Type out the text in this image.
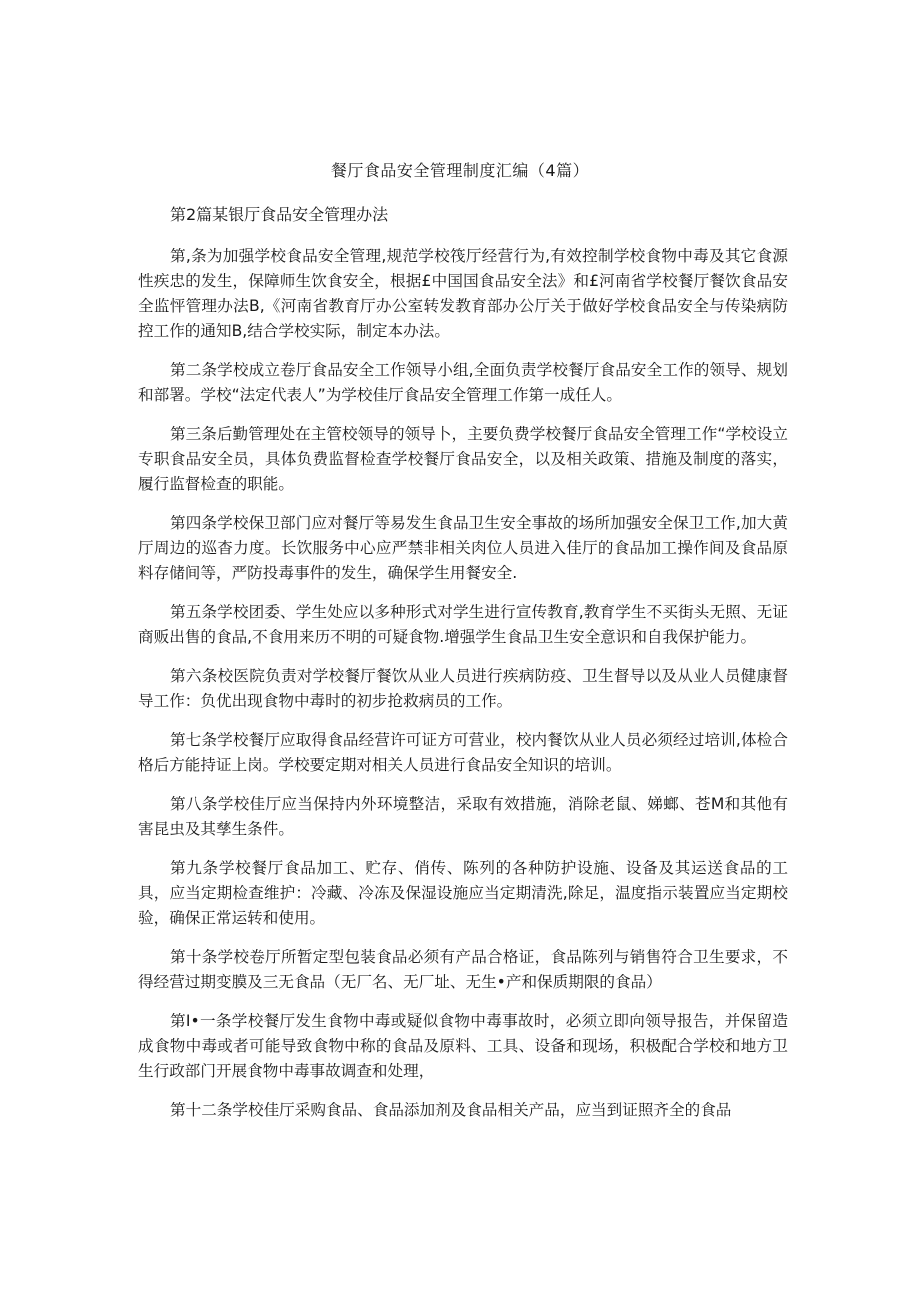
餐厅食品安全管理制度汇编（4篇）
第2篇某银厅食品安全管理办法

第,条为加强学校食品安全管理,规范学校筏厅经营行为,有效控制学校食物中毒及其它食源性疾忠的发生，保障师生饮食安全，根据£中国国食品安全法》和£河南省学校餐厅餐饮食品安全监怦管理办法B,《河南省教育厅办公室转发教育部办公厅关于做好学校食品安全与传染病防控工作的通知B,结合学校实际，制定本办法。

第二条学校成立卷厅食品安全工作领导小组,全面负责学校餐厅食品安全工作的领导、规划和部署。学校“法定代表人”为学校佳厅食品安全管理工作第一成任人。

第三条后勤管理处在主管校领导的领导卜，主要负费学校餐厅食品安全管理工作“学校设立专职食品安全员，具体负费监督检查学校餐厅食品安全，以及相关政策、措施及制度的落实，履行监督检查的职能。

第四条学校保卫部门应对餐厅等易发生食品卫生安全事故的场所加强安全保卫工作,加大黄厅周边的巡杳力度。长饮服务中心应严禁非相关肉位人员进入佳厅的食品加工操作间及食品原料存储间等，严防投毒事件的发生，确保学生用餐安全.

第五条学校团委、学生处应以多种形式对学生进行宣传教育,教育学生不买街头无照、无证商贩出售的食品,不食用来历不明的可疑食物.增强学生食品卫生安全意识和自我保护能力。

第六条校医院负责对学校餐厅餐饮从业人员进行疾病防疫、卫生督导以及从业人员健康督导工作：负优出现食物中毒时的初步抢救病员的工作。

第七条学校餐厅应取得食品经营许可证方可营业，校内餐饮从业人员必须经过培训,体检合格后方能持证上岗。学校要定期对相关人员进行食品安全知识的培训。

第八条学校佳厅应当保持内外环境整洁，采取有效措施，消除老鼠、娣螂、苍M和其他有害昆虫及其孳生条件。

第九条学校餐厅食品加工、贮存、俏传、陈列的各种防护设施、设备及其运送食品的工具，应当定期检查维护：冷藏、冷冻及保湿设施应当定期清洗,除足，温度指示装置应当定期校验，确保正常运转和使用。

第十条学校卷厅所暂定型包装食品必须有产品合格证，食品陈列与销售符合卫生要求，不得经营过期变膜及三无食品（无厂名、无厂址、无生•产和保质期限的食品）

第I•一条学校餐厅发生食物中毒或疑似食物中毒事故时，必须立即向领导报告，并保留造成食物中毒或者可能导致食物中称的食品及原料、工具、设备和现场，积极配合学校和地方卫生行政部门开展食物中毒事故调查和处理，

第十二条学校佳厅采购食品、食品添加剂及食品相关产品，应当到证照齐全的食品
